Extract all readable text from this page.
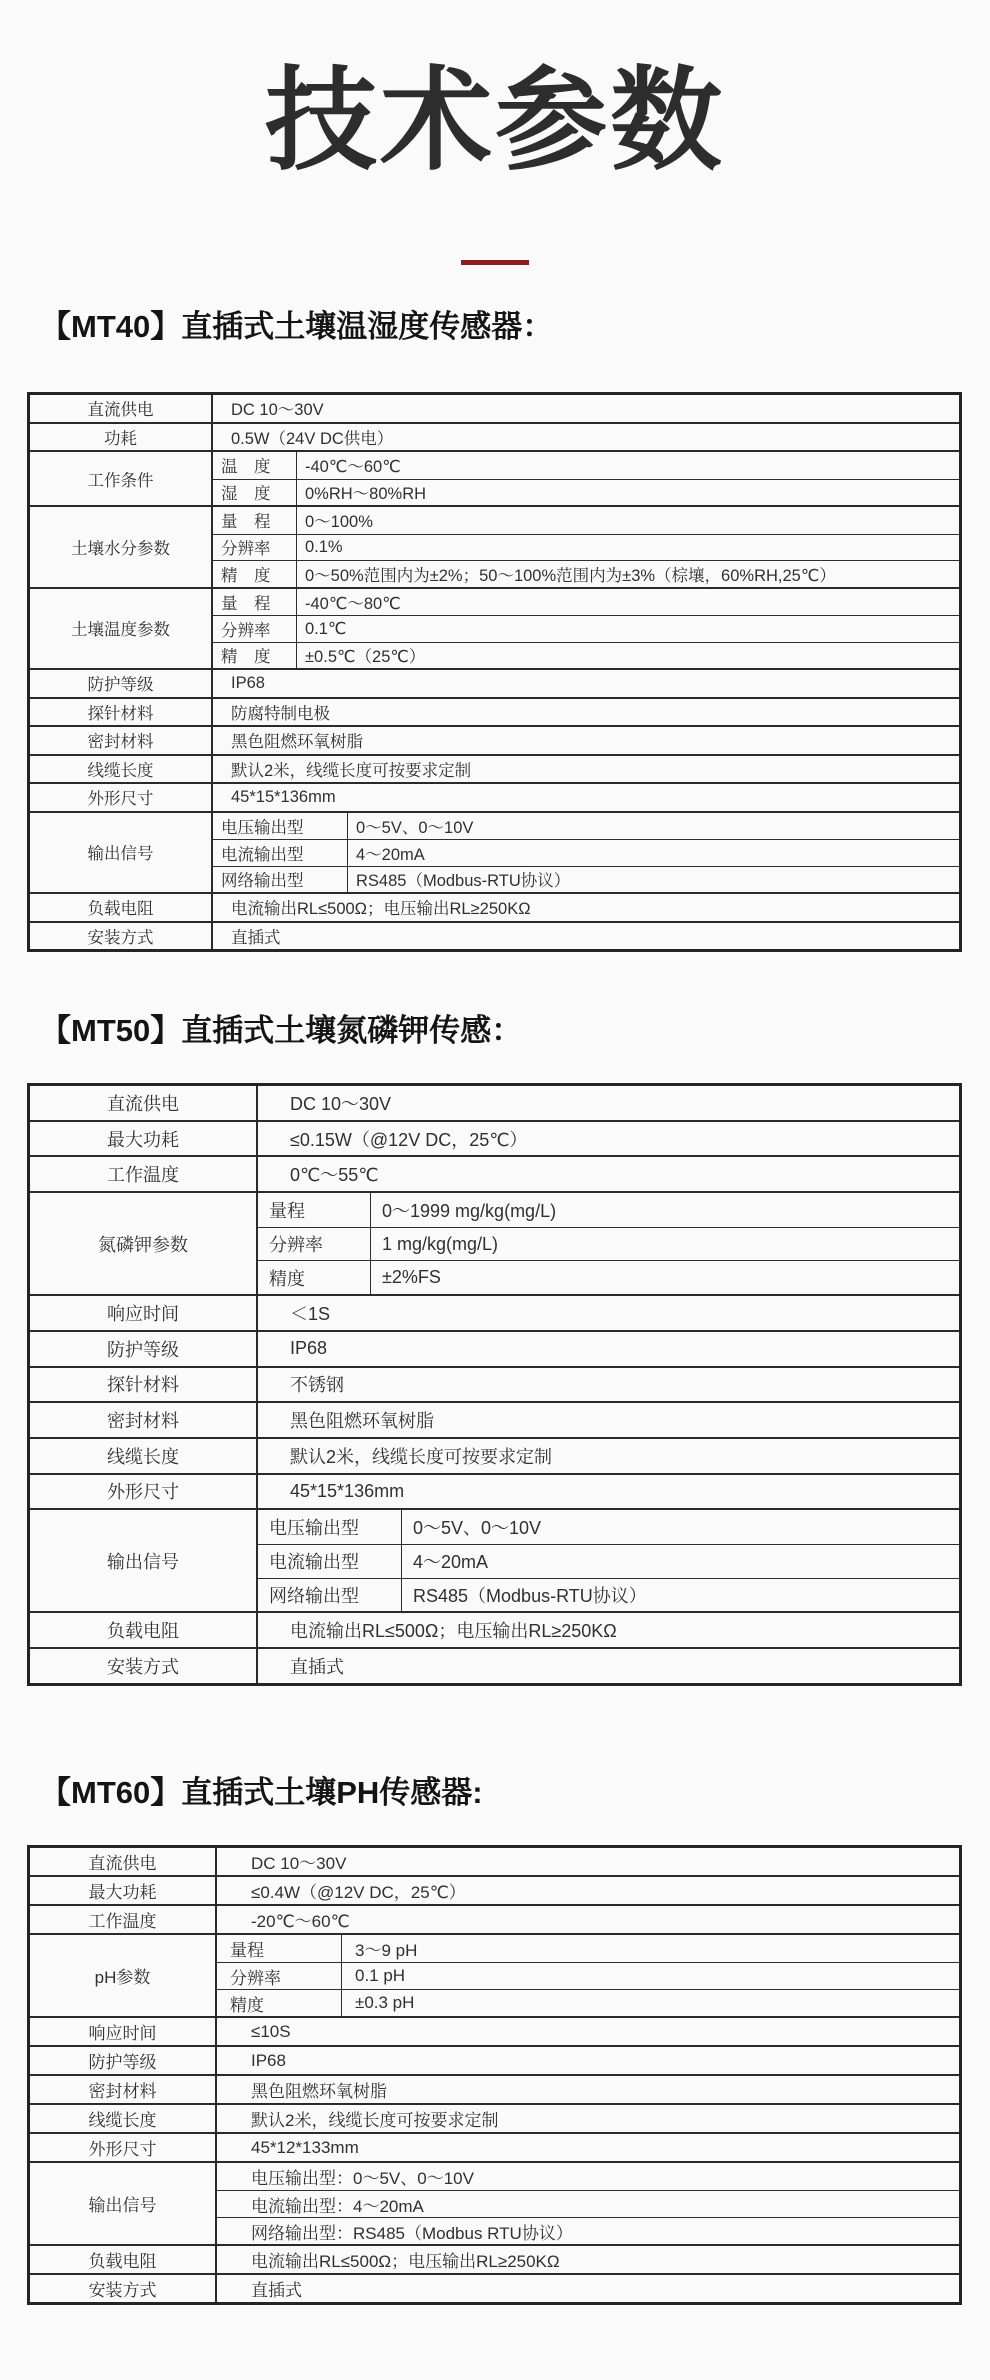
技术参数
【MT40】直插式土壤温湿度传感器：
直流供电	DC 10～30V
功耗	0.5W（24V DC供电）
工作条件
温　度	-40℃～60℃
湿　度	0%RH～80%RH
土壤水分参数
量　程	0～100%
分辨率	0.1%
精　度	0～50%范围内为±2%；50～100%范围内为±3%（棕壤，60%RH,25℃）
土壤温度参数
量　程	-40℃～80℃
分辨率	0.1℃
精　度	±0.5℃（25℃）
防护等级	IP68
探针材料	防腐特制电极
密封材料	黑色阻燃环氧树脂
线缆长度	默认2米，线缆长度可按要求定制
外形尺寸	45*15*136mm
输出信号
电压输出型	0～5V、0～10V
电流输出型	4～20mA
网络输出型	RS485（Modbus-RTU协议）
负载电阻	电流输出RL≤500Ω；电压输出RL≥250KΩ
安装方式	直插式
【MT50】直插式土壤氮磷钾传感：
直流供电	DC 10～30V
最大功耗	≤0.15W（@12V DC，25℃）
工作温度	0℃～55℃
氮磷钾参数
量程	0～1999 mg/kg(mg/L)
分辨率	1 mg/kg(mg/L)
精度	±2%FS
响应时间	＜1S
防护等级	IP68
探针材料	不锈钢
密封材料	黑色阻燃环氧树脂
线缆长度	默认2米，线缆长度可按要求定制
外形尺寸	45*15*136mm
输出信号
电压输出型	0～5V、0～10V
电流输出型	4～20mA
网络输出型	RS485（Modbus-RTU协议）
负载电阻	电流输出RL≤500Ω；电压输出RL≥250KΩ
安装方式	直插式
【MT60】直插式土壤PH传感器:
直流供电	DC 10～30V
最大功耗	≤0.4W（@12V DC，25℃）
工作温度	-20℃～60℃
pH参数
量程	3～9 pH
分辨率	0.1 pH
精度	±0.3 pH
响应时间	≤10S
防护等级	IP68
密封材料	黑色阻燃环氧树脂
线缆长度	默认2米，线缆长度可按要求定制
外形尺寸	45*12*133mm
输出信号
电压输出型：0～5V、0～10V
电流输出型：4～20mA
网络输出型：RS485（Modbus RTU协议）
负载电阻	电流输出RL≤500Ω；电压输出RL≥250KΩ
安装方式	直插式
